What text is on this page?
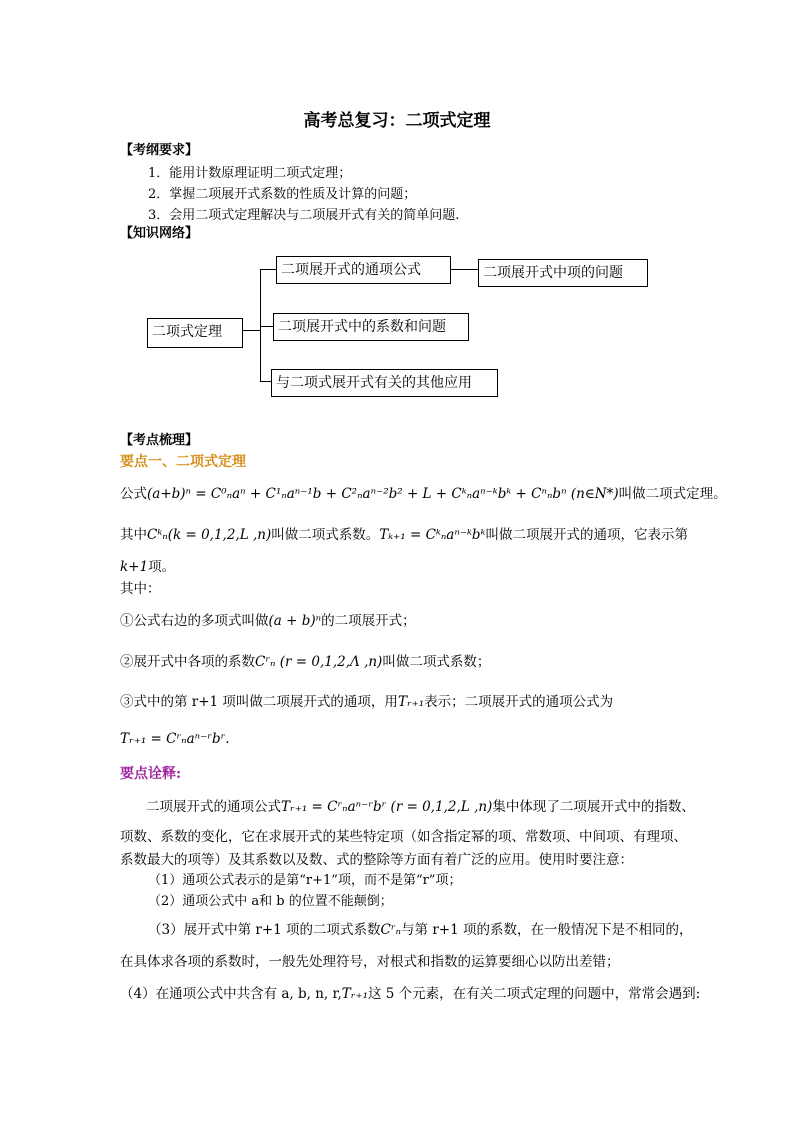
高考总复习：二项式定理
【考纲要求】
1．能用计数原理证明二项式定理；
2．掌握二项展开式系数的性质及计算的问题；
3．会用二项式定理解决与二项展开式有关的简单问题.
【知识网络】
二项式定理
二项展开式的通项公式	二项展开式中项的问题
二项展开式中的系数和问题
与二项式展开式有关的其他应用
【考点梳理】
要点一、二项式定理
公式(a+b)ⁿ = C⁰ₙaⁿ + C¹ₙaⁿ⁻¹b + C²ₙaⁿ⁻²b² + L + Cᵏₙaⁿ⁻ᵏbᵏ + Cⁿₙbⁿ (n∈N*)叫做二项式定理。
其中Cᵏₙ(k = 0,1,2,L ,n)叫做二项式系数。Tₖ₊₁ = Cᵏₙaⁿ⁻ᵏbᵏ叫做二项展开式的通项，它表示第
k+1项。
其中：
①公式右边的多项式叫做(a + b)ⁿ的二项展开式；
②展开式中各项的系数Cʳₙ (r = 0,1,2,Λ ,n)叫做二项式系数；
③式中的第 r+1 项叫做二项展开式的通项，用Tᵣ₊₁表示；二项展开式的通项公式为
Tᵣ₊₁ = Cʳₙaⁿ⁻ʳbʳ.
要点诠释:
二项展开式的通项公式Tᵣ₊₁ = Cʳₙaⁿ⁻ʳbʳ (r = 0,1,2,L ,n)集中体现了二项展开式中的指数、
项数、系数的变化，它在求展开式的某些特定项（如含指定幂的项、常数项、中间项、有理项、
系数最大的项等）及其系数以及数、式的整除等方面有着广泛的应用。使用时要注意：
（1）通项公式表示的是第“r+1”项，而不是第“r”项；
（2）通项公式中 a和 b 的位置不能颠倒；
（3）展开式中第 r+1 项的二项式系数Cʳₙ与第 r+1 项的系数，在一般情况下是不相同的，
在具体求各项的系数时，一般先处理符号，对根式和指数的运算要细心以防出差错；
（4）在通项公式中共含有 a, b, n, r,Tᵣ₊₁这 5 个元素，在有关二项式定理的问题中，常常会遇到:
